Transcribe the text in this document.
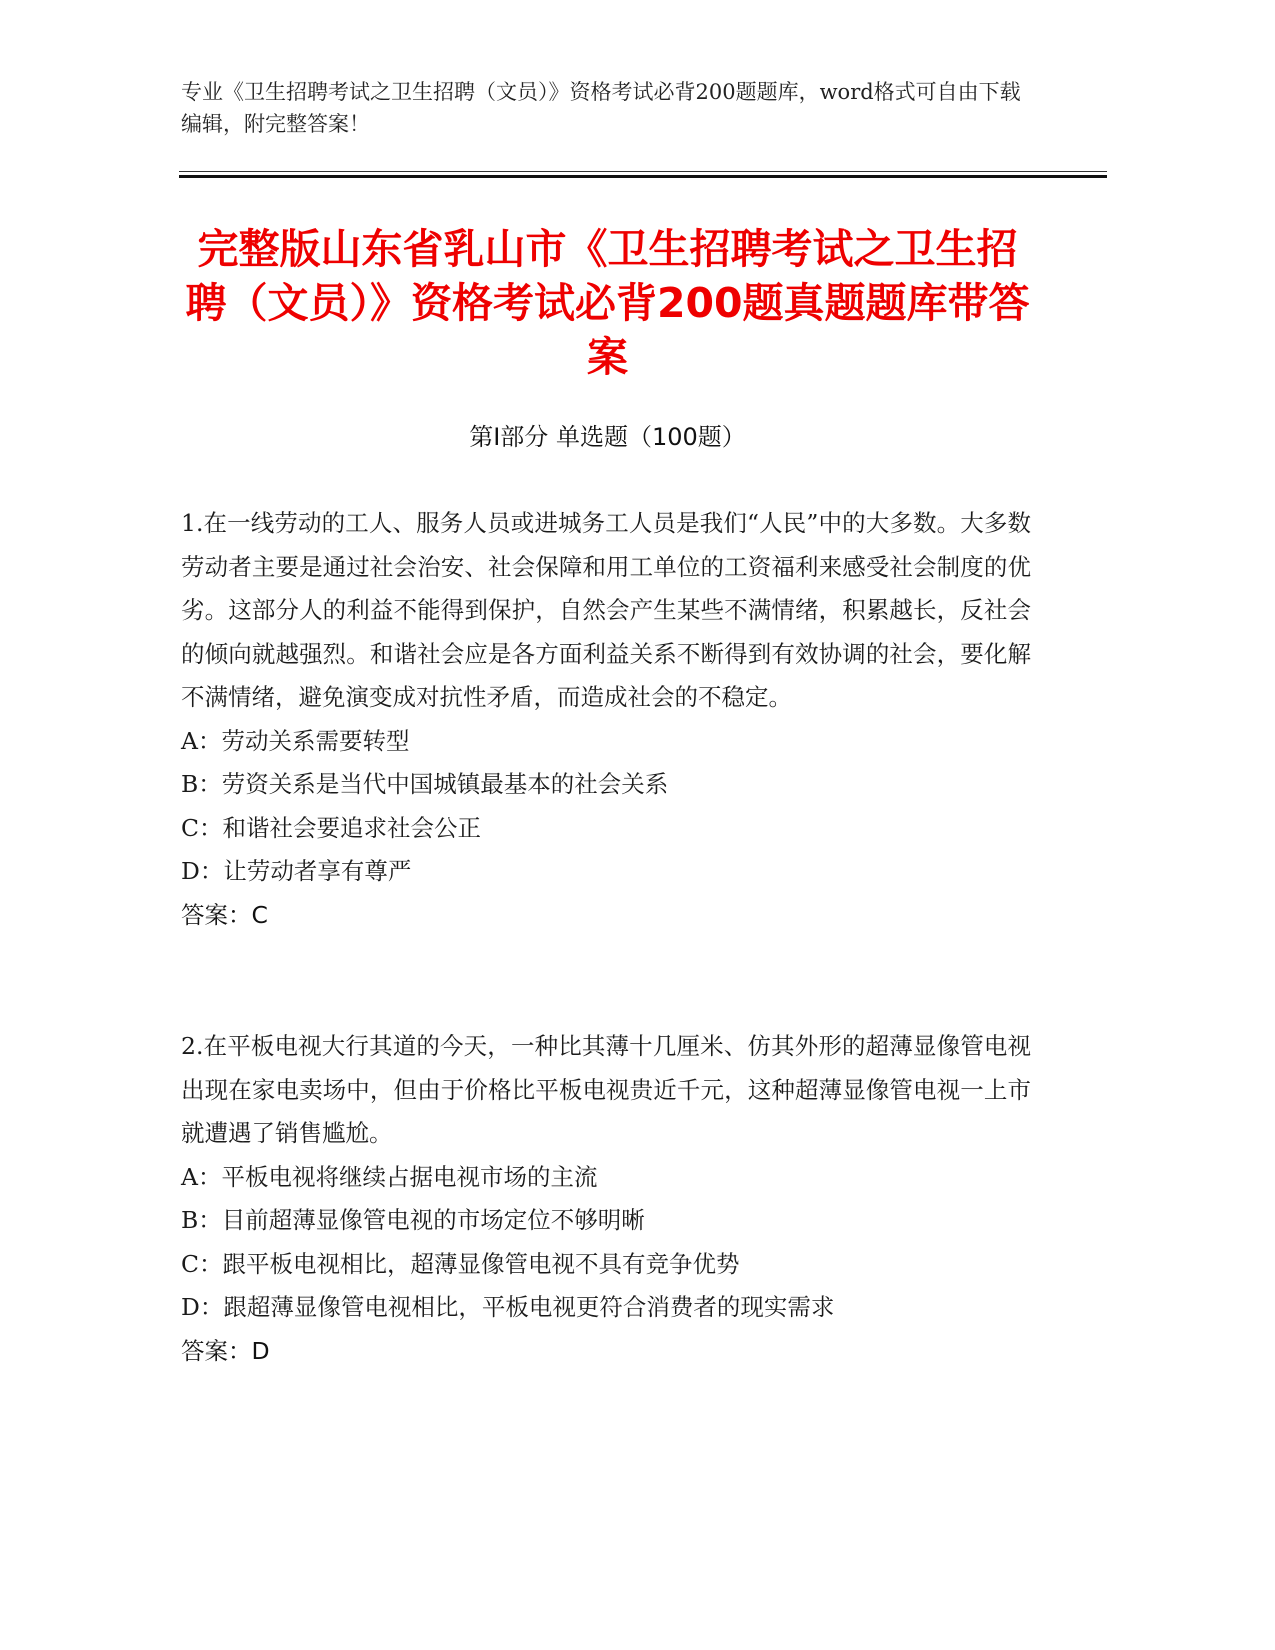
专业《卫生招聘考试之卫生招聘（文员）》资格考试必背200题题库，word格式可自由下载编辑，附完整答案！
完整版山东省乳山市《卫生招聘考试之卫生招聘（文员）》资格考试必背200题真题题库带答案
第Ⅰ部分 单选题（100题）

1.在一线劳动的工人、服务人员或进城务工人员是我们“人民”中的大多数。大多数劳动者主要是通过社会治安、社会保障和用工单位的工资福利来感受社会制度的优劣。这部分人的利益不能得到保护，自然会产生某些不满情绪，积累越长，反社会的倾向就越强烈。和谐社会应是各方面利益关系不断得到有效协调的社会，要化解不满情绪，避免演变成对抗性矛盾，而造成社会的不稳定。

A：劳动关系需要转型

B：劳资关系是当代中国城镇最基本的社会关系

C：和谐社会要追求社会公正

D：让劳动者享有尊严

答案：C

2.在平板电视大行其道的今天，一种比其薄十几厘米、仿其外形的超薄显像管电视出现在家电卖场中，但由于价格比平板电视贵近千元，这种超薄显像管电视一上市就遭遇了销售尴尬。

A：平板电视将继续占据电视市场的主流

B：目前超薄显像管电视的市场定位不够明晰

C：跟平板电视相比，超薄显像管电视不具有竞争优势

D：跟超薄显像管电视相比，平板电视更符合消费者的现实需求

答案：D
